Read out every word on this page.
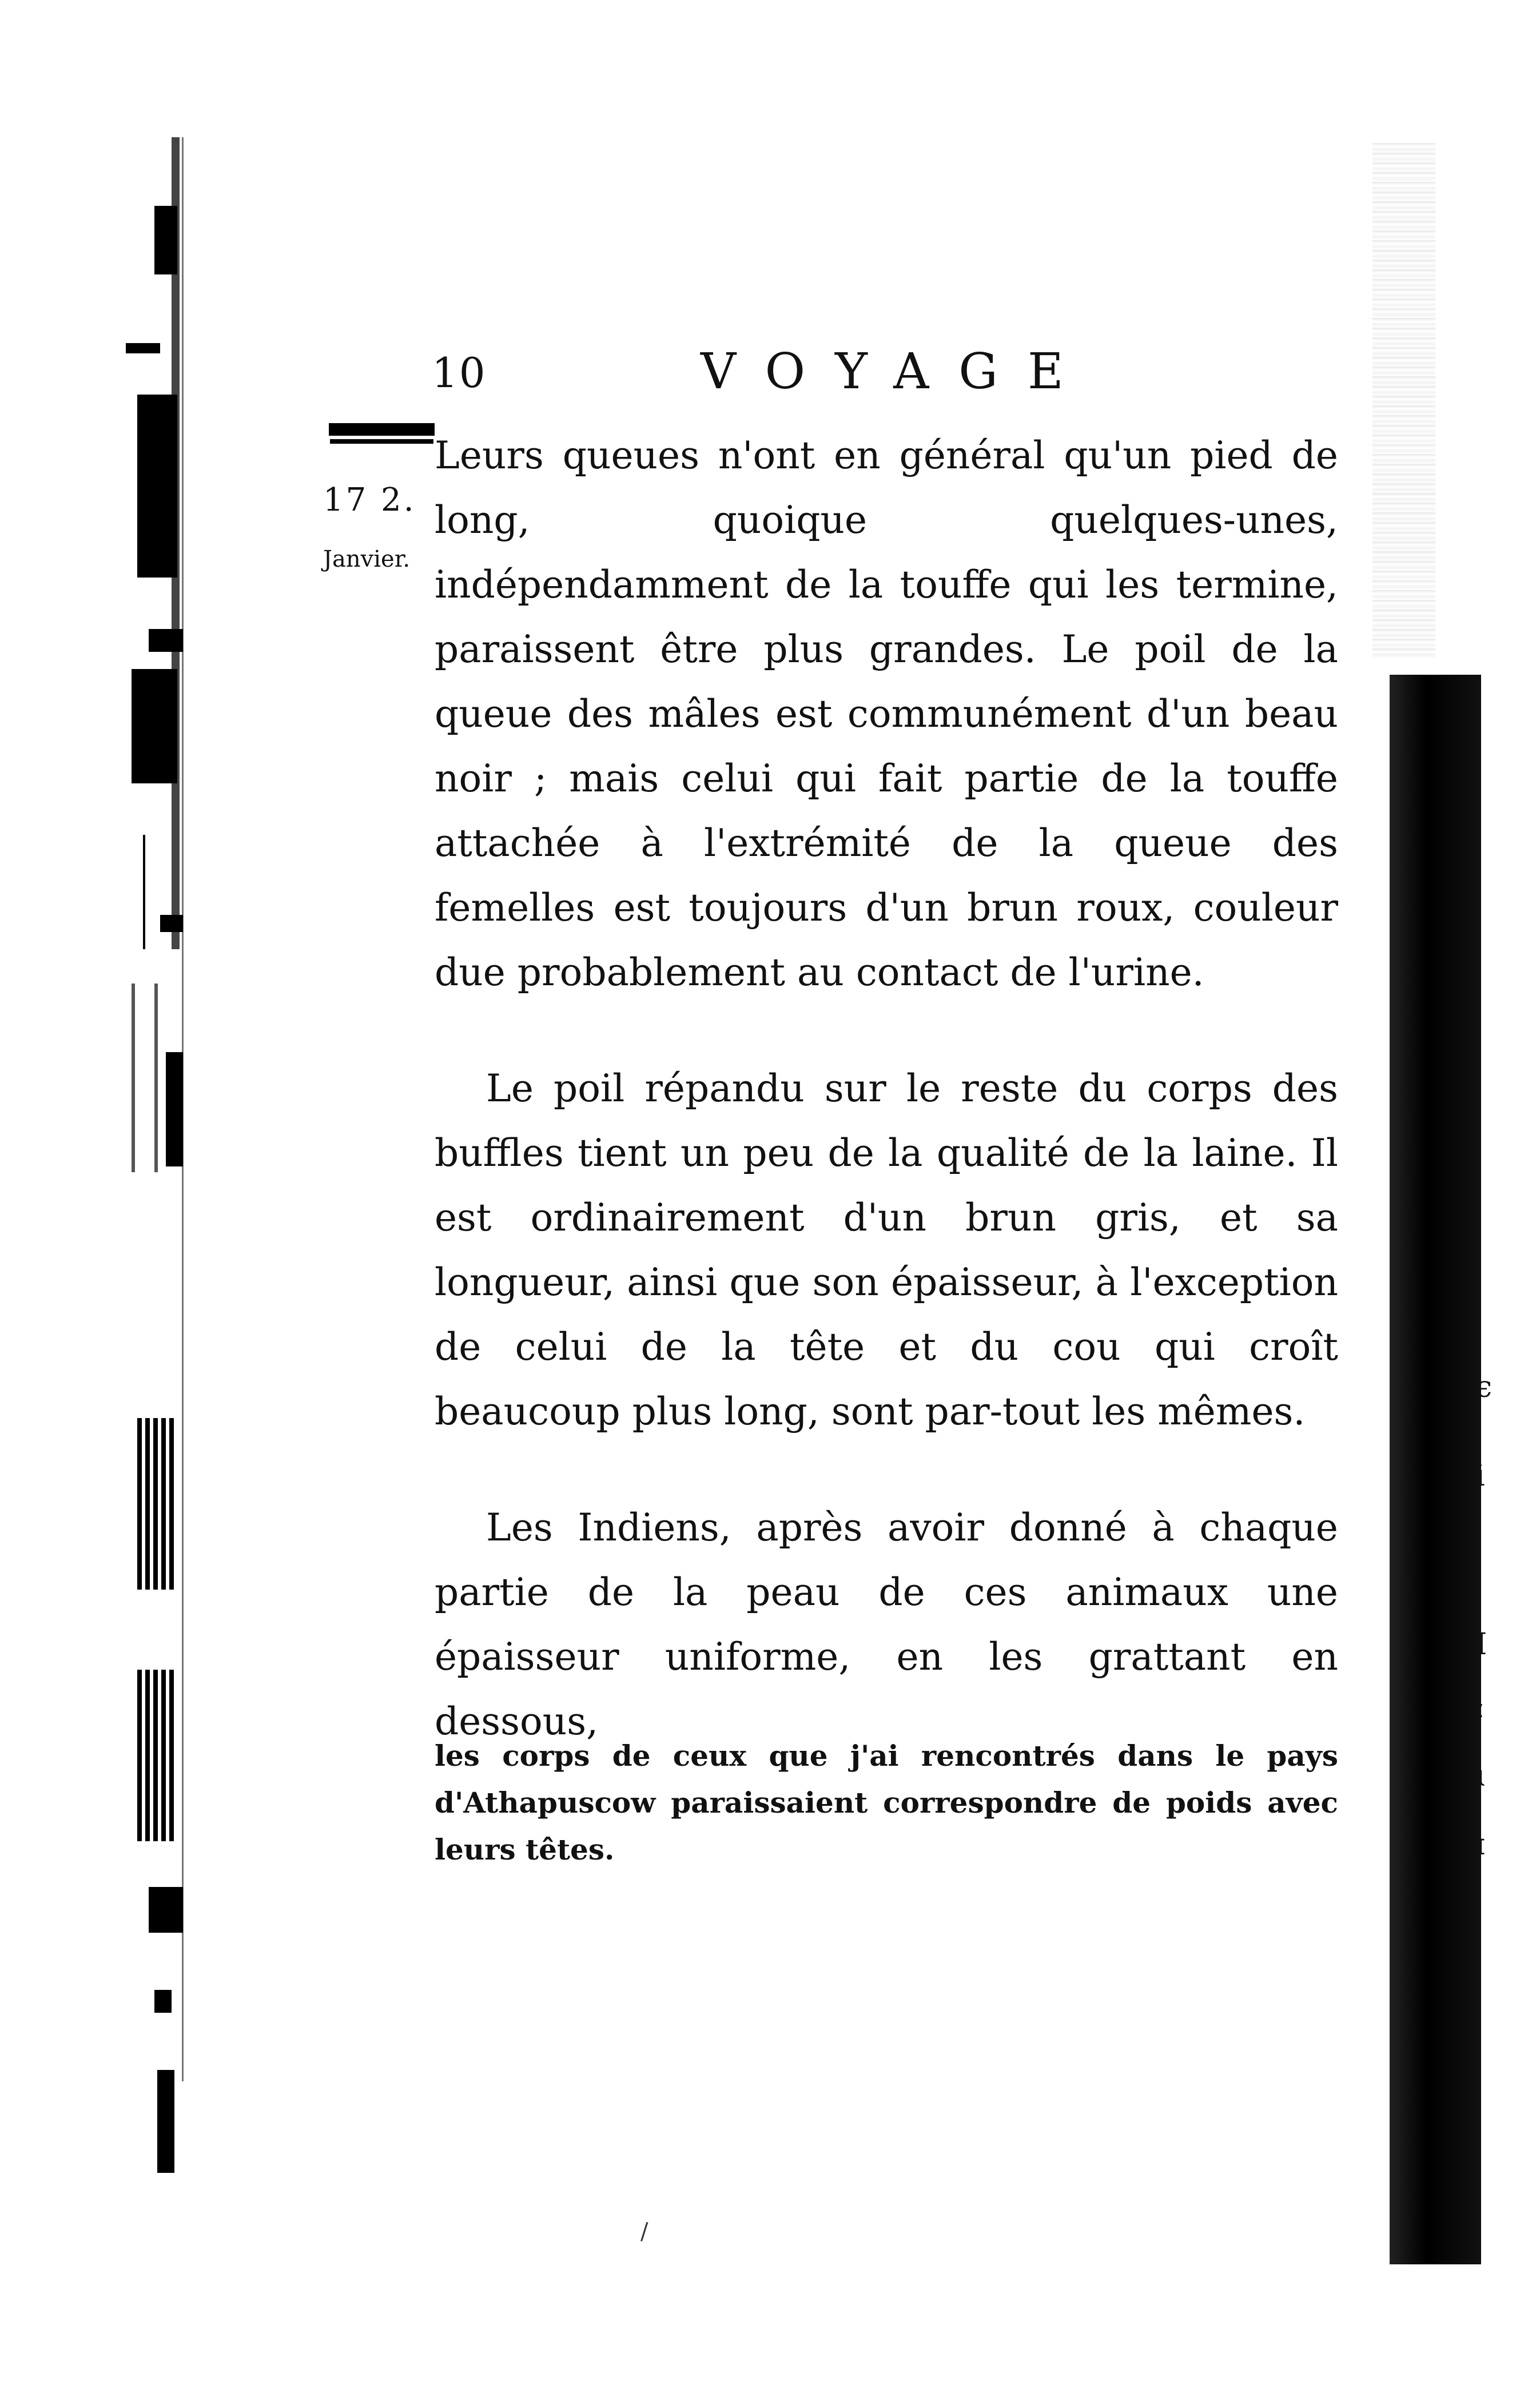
є
i
I
ː
ɩ
ɪ
10	VOYAGE
17 2.
Janvier.

Leurs queues n'ont en général qu'un pied de long, quoique quelques-unes, indépendamment de la touffe qui les termine, paraissent être plus grandes. Le poil de la queue des mâles est communément d'un beau noir ; mais celui qui fait partie de la touffe attachée à l'extrémité de la queue des femelles est toujours d'un brun roux, couleur due probablement au contact de l'urine.

Le poil répandu sur le reste du corps des buffles tient un peu de la qualité de la laine. Il est ordinairement d'un brun gris, et sa longueur, ainsi que son épaisseur, à l'exception de celui de la tête et du cou qui croît beaucoup plus long, sont par-tout les mêmes.

Les Indiens, après avoir donné à chaque partie de la peau de ces animaux une épaisseur uniforme, en les grattant en dessous,

les corps de ceux que j'ai rencontrés dans le pays d'Athapuscow paraissaient correspondre de poids avec leurs têtes.
/
